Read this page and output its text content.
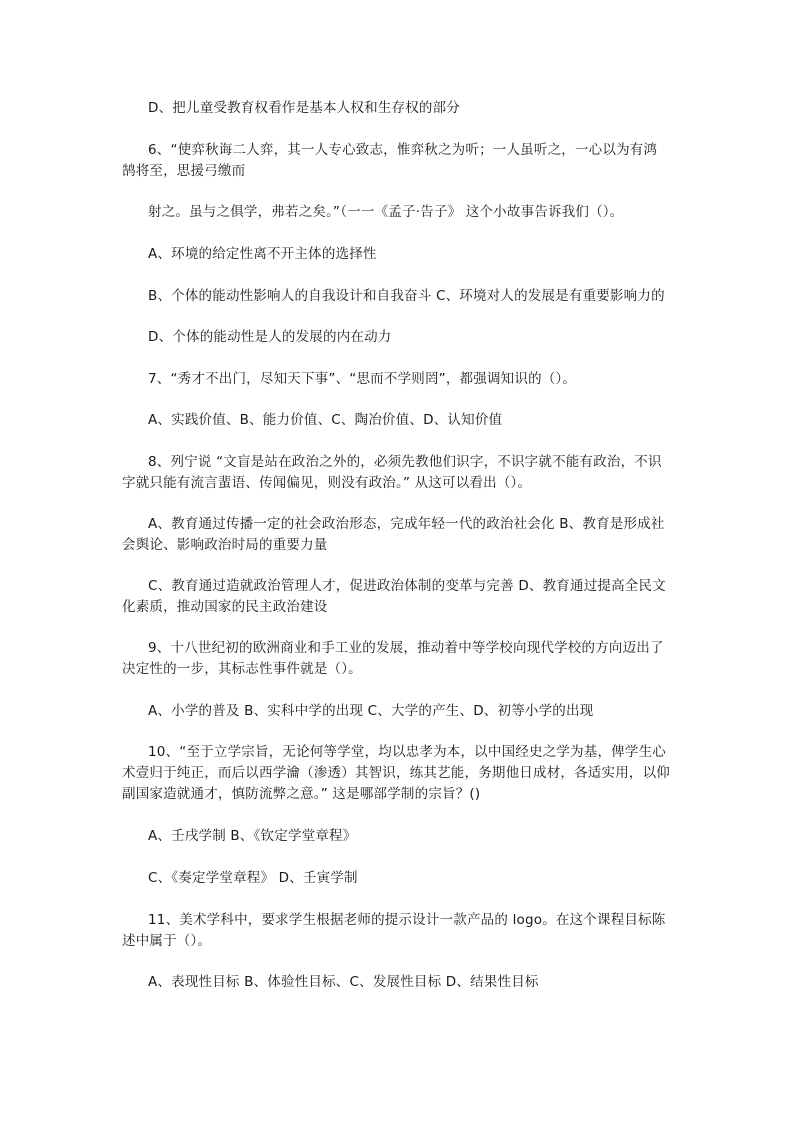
D、把儿童受教育权看作是基本人权和生存权的部分

6、“使弈秋诲二人弈，其一人专心致志，惟弈秋之为听；一人虽听之，一心以为有鸿鹄将至，思援弓缴而

射之。虽与之俱学，弗若之矣。”（一一《孟子·告子》 这个小故事告诉我们（）。

A、环境的给定性离不开主体的选择性

B、个体的能动性影响人的自我设计和自我奋斗 C、环境对人的发展是有重要影响力的

D、个体的能动性是人的发展的内在动力

7、“秀才不出门，尽知天下事”、“思而不学则罔”，都强调知识的（）。

A、实践价值、B、能力价值、C、陶冶价值、D、认知价值

8、列宁说 “文盲是站在政治之外的，必须先教他们识字，不识字就不能有政治，不识字就只能有流言蜚语、传闻偏见，则没有政治。” 从这可以看出（）。

A、教育通过传播一定的社会政治形态，完成年轻一代的政治社会化 B、教育是形成社会舆论、影响政治时局的重要力量

C、教育通过造就政治管理人才，促进政治体制的变革与完善 D、教育通过提高全民文化素质，推动国家的民主政治建设

9、十八世纪初的欧洲商业和手工业的发展，推动着中等学校向现代学校的方向迈出了决定性的一步，其标志性事件就是（）。

A、小学的普及 B、实科中学的出现 C、大学的产生、D、初等小学的出现

10、“至于立学宗旨，无论何等学堂，均以忠孝为本，以中国经史之学为基，俾学生心术壹归于纯正，而后以西学瀹（渗透）其智识，练其艺能，务期他日成材，各适实用，以仰副国家造就通才，慎防流弊之意。” 这是哪部学制的宗旨？()

A、壬戌学制 B、《钦定学堂章程》

C、《奏定学堂章程》 D、壬寅学制

11、美术学科中，要求学生根据老师的提示设计一款产品的 logo。在这个课程目标陈述中属于（）。

A、表现性目标 B、体验性目标、C、发展性目标 D、结果性目标
